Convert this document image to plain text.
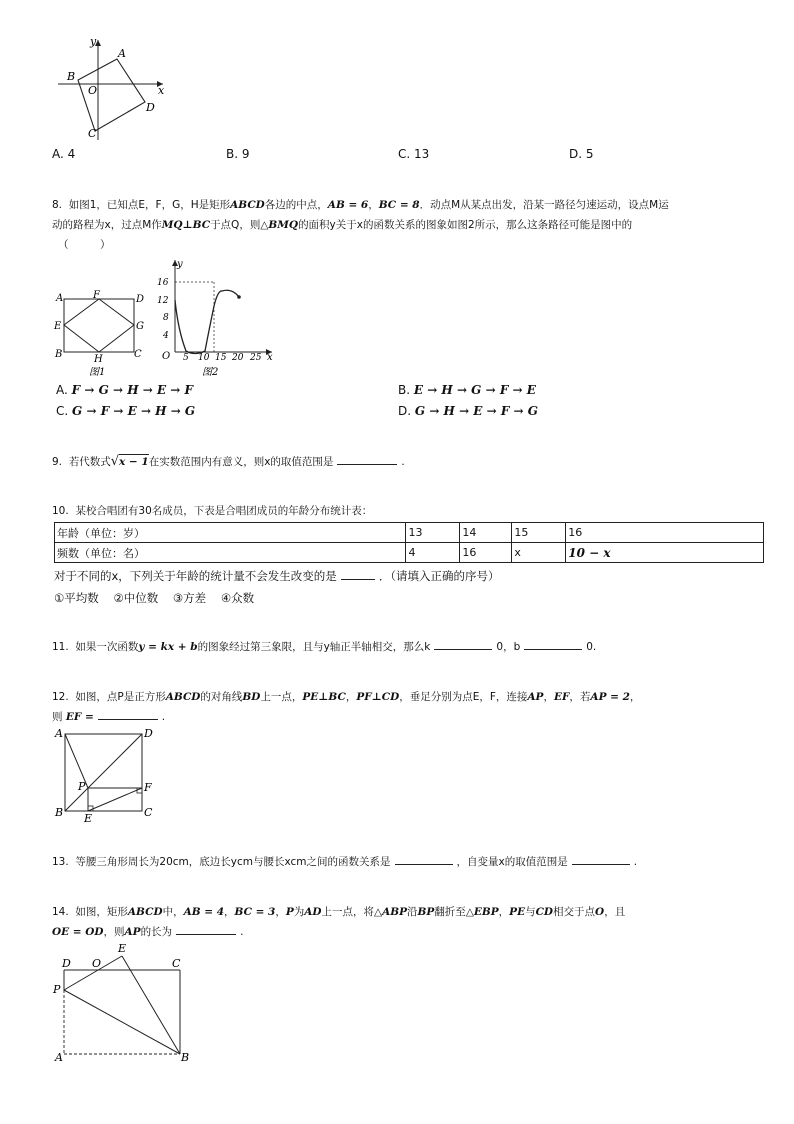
y
x
A
B
O
C
D
A. 4	B. 9	C. 13	D. 5
8. 如图1，已知点E，F，G，H是矩形ABCD各边的中点，AB = 6，BC = 8．动点M从某点出发，沿某一路径匀速运动，设点M运
动的路程为x，过点M作MQ⊥BC于点Q，则△BMQ的面积y关于x的函数关系的图象如图2所示，那么这条路径可能是图中的
（　　　）
A	F	D
E	G
B	H	C
图1
y
x
O
16
12
8
4
5 10 15 20 25
图2
A. F → G → H → E → F	B. E → H → G → F → E
C. G → F → E → H → G	D. G → H → E → F → G
9. 若代数式√x − 1在实数范围内有意义，则x的取值范围是	.
10. 某校合唱团有30名成员，下表是合唱团成员的年龄分布统计表：
年龄（单位：岁）	13	14	15	16
频数（单位：名）	4	16	x	10 − x
对于不同的x，下列关于年龄的统计量不会发生改变的是	．（请填入正确的序号）
①平均数 ②中位数 ③方差 ④众数
11. 如果一次函数y = kx + b的图象经过第三象限，且与y轴正半轴相交，那么k	0，b	0.
12. 如图，点P是正方形ABCD的对角线BD上一点，PE⊥BC，PF⊥CD，垂足分别为点E，F，连接AP，EF，若AP = 2，
则 EF =	.
A	D
P	F
B E	C
13. 等腰三角形周长为20cm，底边长ycm与腰长xcm之间的函数关系是	，自变量x的取值范围是	.
14. 如图，矩形ABCD中，AB = 4，BC = 3，P为AD上一点，将△ABP沿BP翻折至△EBP，PE与CD相交于点O，且
OE = OD，则AP的长为	.
E
D O	C
P
A	B
